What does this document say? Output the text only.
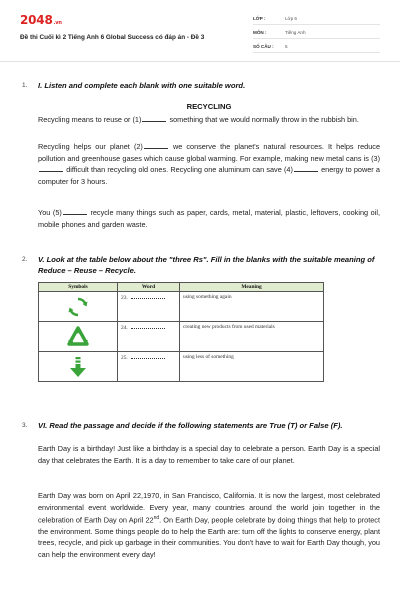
2048.vn
Đề thi Cuối kì 2 Tiếng Anh 6 Global Success có đáp án - Đề 3
LỚP :	Lớp 6
MÔN :	Tiếng Anh
SỐ CÂU : 5
1. I. Listen and complete each blank with one suitable word.
RECYCLING
Recycling means to reuse or (1)	something that we would normally throw in the rubbish bin.
Recycling helps our planet (2)	we conserve the planet's natural resources. It helps reduce pollution and greenhouse gases which cause global warming. For example, making new metal cans is (3) difficult than recycling old ones. Recycling one aluminum can save (4)	energy to power a computer for 3 hours.
You (5)	recycle many things such as paper, cards, metal, material, plastic, leftovers, cooking oil, mobile phones and garden waste.
2. V. Look at the table below about the "three Rs". Fill in the blanks with the suitable meaning of Reduce – Reuse – Recycle.
Symbols	Word	Meaning

	23.	using something again

	24.	creating new products from used materials

	25.	using less of something
3. VI. Read the passage and decide if the following statements are True (T) or False (F).
Earth Day is a birthday! Just like a birthday is a special day to celebrate a person. Earth Day is a special day that celebrates the Earth. It is a day to remember to take care of our planet.
Earth Day was born on April 22,1970, in San Francisco, California. It is now the largest, most celebrated environmental event worldwide. Every year, many countries around the world join together in the celebration of Earth Day on April 22nd. On Earth Day, people celebrate by doing things that help to protect the environment. Some things people do to help the Earth are: turn off the lights to conserve energy, plant trees, recycle, and pick up garbage in their communities. You don't have to wait for Earth Day though, you can help the environment every day!
